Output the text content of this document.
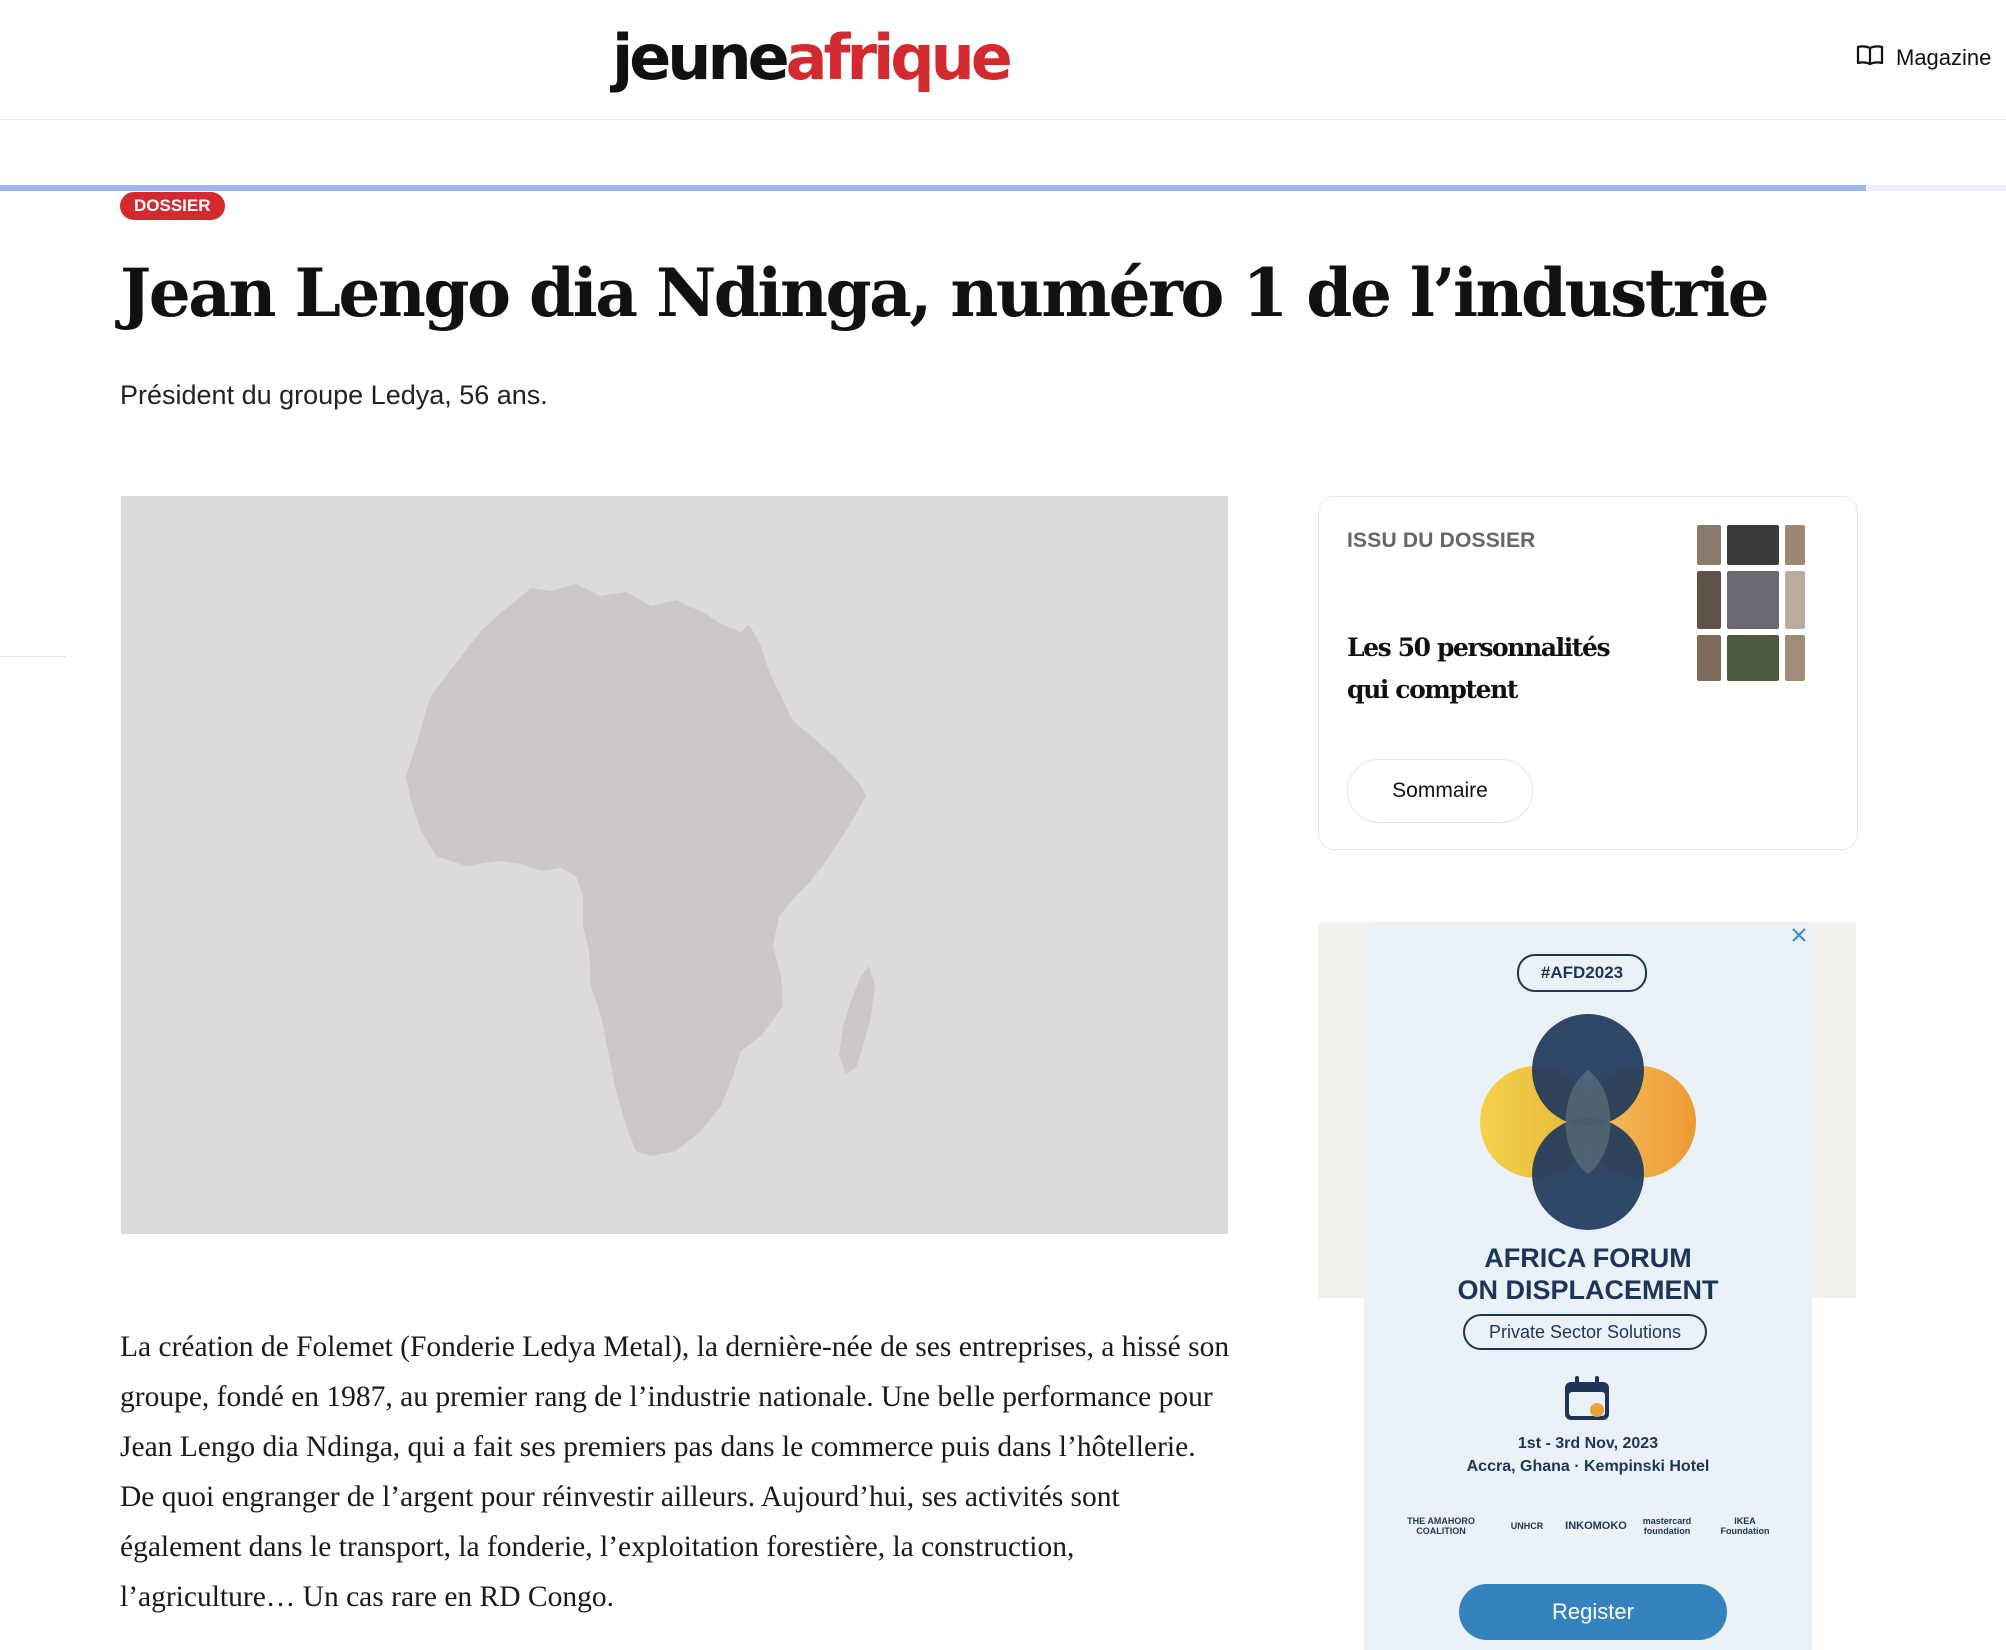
jeune afrique	Magazine
DOSSIER
Jean Lengo dia Ndinga, numéro 1 de l’industrie
Président du groupe Ledya, 56 ans.
La création de Folemet (Fonderie Ledya Metal), la dernière-née de ses entreprises, a hissé son groupe, fondé en 1987, au premier rang de l’industrie nationale. Une belle performance pour Jean Lengo dia Ndinga, qui a fait ses premiers pas dans le commerce puis dans l’hôtellerie. De quoi engranger de l’argent pour réinvestir ailleurs. Aujourd’hui, ses activités sont également dans le transport, la fonderie, l’exploitation forestière, la construction, l’agriculture… Un cas rare en RD Congo.
ISSU DU DOSSIER
Les 50 personnalités qui comptent
Sommaire
#AFD2023
AFRICA FORUM
ON DISPLACEMENT
Private Sector Solutions
1st - 3rd Nov, 2023
Accra, Ghana · Kempinski Hotel
THE AMAHORO COALITION	UNHCR	INKOMOKO	mastercard foundation
IKEA Foundation
Register
